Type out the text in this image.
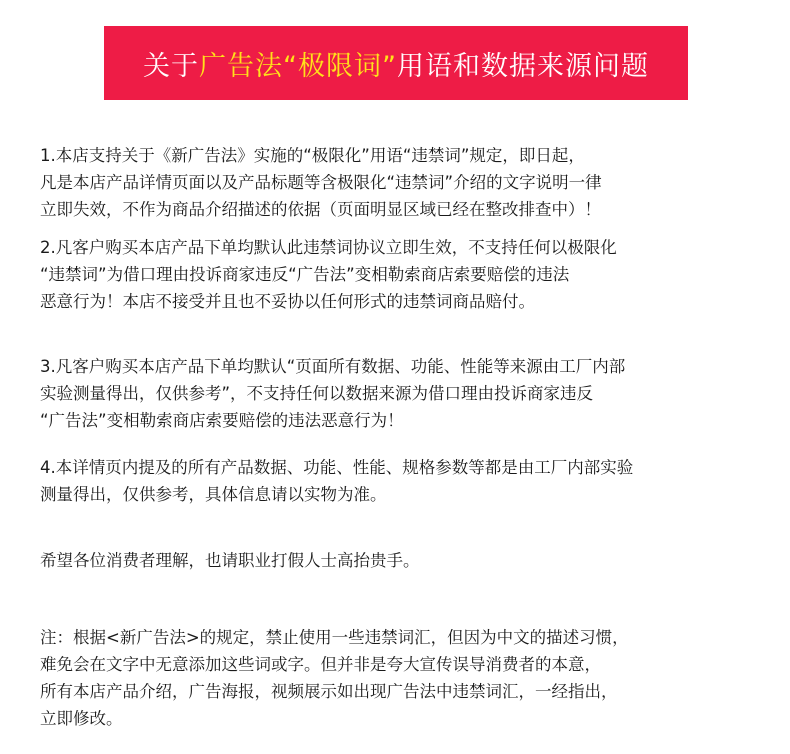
关于 广告法“极限词” 用语和数据来源问题
1.本店支持关于《新广告法》实施的“极限化”用语“违禁词”规定，即日起，
凡是本店产品详情页面以及产品标题等含极限化“违禁词”介绍的文字说明一律
立即失效，不作为商品介绍描述的依据（页面明显区域已经在整改排查中）！
2.凡客户购买本店产品下单均默认此违禁词协议立即生效，不支持任何以极限化
“违禁词”为借口理由投诉商家违反“广告法”变相勒索商店索要赔偿的违法
恶意行为！本店不接受并且也不妥协以任何形式的违禁词商品赔付。
3.凡客户购买本店产品下单均默认“页面所有数据、功能、性能等来源由工厂内部
实验测量得出，仅供参考”，不支持任何以数据来源为借口理由投诉商家违反
“广告法”变相勒索商店索要赔偿的违法恶意行为！
4.本详情页内提及的所有产品数据、功能、性能、规格参数等都是由工厂内部实验
测量得出，仅供参考，具体信息请以实物为准。
希望各位消费者理解，也请职业打假人士高抬贵手。
注：根据<新广告法>的规定，禁止使用一些违禁词汇，但因为中文的描述习惯，
难免会在文字中无意添加这些词或字。但并非是夸大宣传误导消费者的本意，
所有本店产品介绍，广告海报，视频展示如出现广告法中违禁词汇，一经指出，
立即修改。
